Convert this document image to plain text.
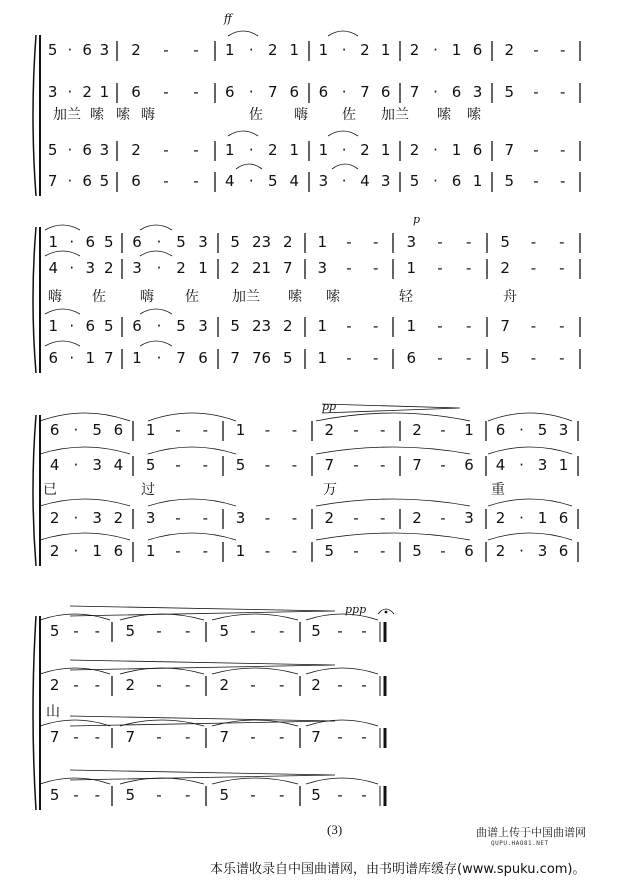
5 · 6 3 2 - - 1 · 2 1 1 · 2 1 2 · 1 6 2 - -
3 · 2 1 6 - - 6 · 7 6 6 · 7 6 7 · 6 3 5 - -
5 · 6 3 2 - - 1 · 2 1 1 · 2 1 2 · 1 6 7 - -
7 · 6 5 6 - - 4 · 5 4 3 · 4 3 5 · 6 1 5 - -
加兰 嗦 嗦 嗨	佐 嗨 佐 加兰 嗦 嗦
1 · 6 5 6 · 5 3 5 23 2 1 - - 3 - - 5 - -
4 · 3 2 3 · 2 1 2 21 7 3 - - 1 - - 2 - -
1 · 6 5 6 · 5 3 5 23 2 1 - - 1 - - 7 - -
6 · 1 7 1 · 7 6 7 76 5 1 - - 6 - - 5 - -
嗨 佐 嗨 佐 加兰 嗦 嗦	轻	舟
6 · 5 6 1 - - 1 - - 2 - - 2 - 1 6 · 5 3
4 · 3 4 5 - - 5 - - 7 - - 7 - 6 4 · 3 1
2 · 3 2 3 - - 3 - - 2 - - 2 - 3 2 · 1 6
2 · 1 6 1 - - 1 - - 5 - - 5 - 6 2 · 3 6
已	过	万	重
5 - - 5 - - 5 - - 5 - -
2 - - 2 - - 2 - - 2 - -
7 - - 7 - - 7 - - 7 - -
5 - - 5 - - 5 - - 5 - -
山
ff
p
pp
ppp
(3)	曲谱上传于中国曲谱网
QUPU.HAO81.NET
本乐谱收录自中国曲谱网，由书明谱库缓存(www.spuku.com)。
